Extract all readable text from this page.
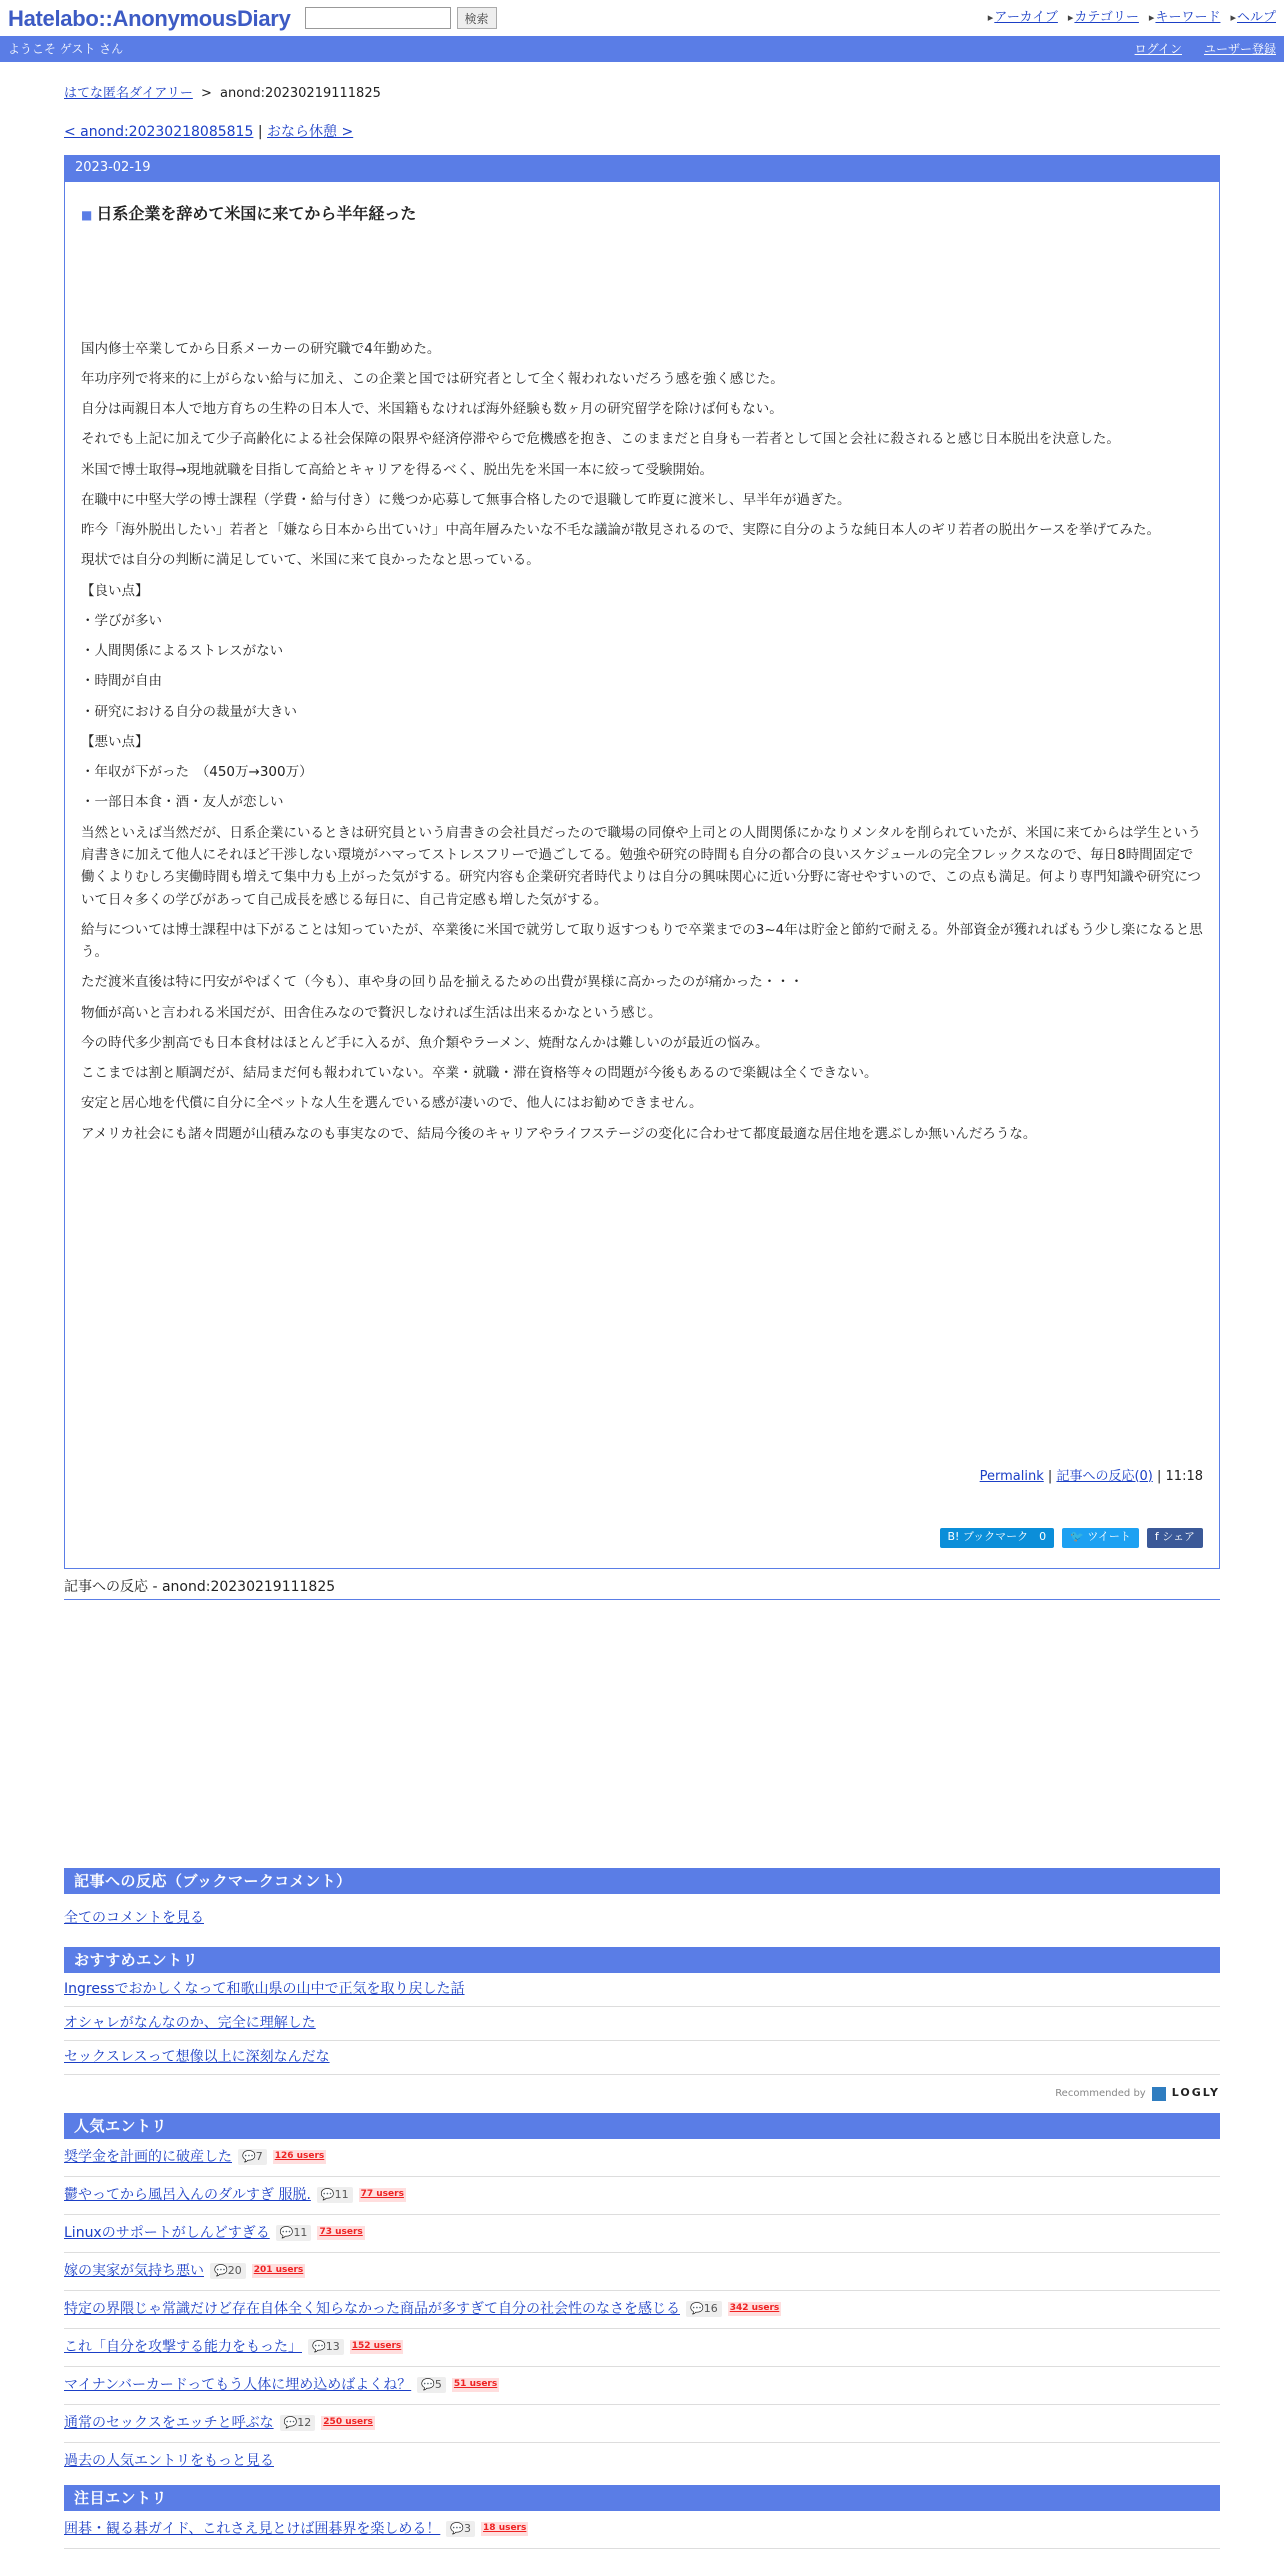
Hatelabo::AnonymousDiary	検索	▸ アーカイブ	▸ カテゴリー	▸ キーワード	▸ ヘルプ
ようこそ ゲスト さん	ログイン ユーザー登録
はてな匿名ダイアリー > anond:20230219111825
< anond:20230218085815 | おなら休憩 >
2023-02-19
■ 日系企業を辞めて米国に来てから半年経った

国内修士卒業してから日系メーカーの研究職で4年勤めた。

年功序列で将来的に上がらない給与に加え、この企業と国では研究者として全く報われないだろう感を強く感じた。

自分は両親日本人で地方育ちの生粋の日本人で、米国籍もなければ海外経験も数ヶ月の研究留学を除けば何もない。

それでも上記に加えて少子高齢化による社会保障の限界や経済停滞やらで危機感を抱き、このままだと自身も一若者として国と会社に殺されると感じ日本脱出を決意した。

米国で博士取得→現地就職を目指して高給とキャリアを得るべく、脱出先を米国一本に絞って受験開始。

在職中に中堅大学の博士課程（学費・給与付き）に幾つか応募して無事合格したので退職して昨夏に渡米し、早半年が過ぎた。

昨今「海外脱出したい」若者と「嫌なら日本から出ていけ」中高年層みたいな不毛な議論が散見されるので、実際に自分のような純日本人のギリ若者の脱出ケースを挙げてみた。

現状では自分の判断に満足していて、米国に来て良かったなと思っている。

【良い点】

・学びが多い

・人間関係によるストレスがない

・時間が自由

・研究における自分の裁量が大きい

【悪い点】

・年収が下がった　（450万→300万）

・一部日本食・酒・友人が恋しい

当然といえば当然だが、日系企業にいるときは研究員という肩書きの会社員だったので職場の同僚や上司との人間関係にかなりメンタルを削られていたが、米国に来てからは学生という肩書きに加えて他人にそれほど干渉しない環境がハマってストレスフリーで過ごしてる。勉強や研究の時間も自分の都合の良いスケジュールの完全フレックスなので、毎日8時間固定で働くよりむしろ実働時間も増えて集中力も上がった気がする。研究内容も企業研究者時代よりは自分の興味関心に近い分野に寄せやすいので、この点も満足。何より専門知識や研究について日々多くの学びがあって自己成長を感じる毎日に、自己肯定感も増した気がする。

給与については博士課程中は下がることは知っていたが、卒業後に米国で就労して取り返すつもりで卒業までの3~4年は貯金と節約で耐える。外部資金が獲れればもう少し楽になると思う。

ただ渡米直後は特に円安がやばくて（今も）、車や身の回り品を揃えるための出費が異様に高かったのが痛かった・・・

物価が高いと言われる米国だが、田舎住みなので贅沢しなければ生活は出来るかなという感じ。

今の時代多少割高でも日本食材はほとんど手に入るが、魚介類やラーメン、焼酎なんかは難しいのが最近の悩み。

ここまでは割と順調だが、結局まだ何も報われていない。卒業・就職・滞在資格等々の問題が今後もあるので楽観は全くできない。

安定と居心地を代償に自分に全ベットな人生を選んでいる感が凄いので、他人にはお勧めできません。

アメリカ社会にも諸々問題が山積みなのも事実なので、結局今後のキャリアやライフステージの変化に合わせて都度最適な居住地を選ぶしか無いんだろうな。

Permalink | 記事への反応(0) | 11:18
B! ブックマーク　0	🐦 ツイート	f シェア
記事への反応 - anond:20230219111825
記事への反応（ブックマークコメント）
全てのコメントを見る
おすすめエントリ
Ingressでおかしくなって和歌山県の山中で正気を取り戻した話
オシャレがなんなのか、完全に理解した
セックスレスって想像以上に深刻なんだな
Recommended by LOGLY
人気エントリ
奨学金を計画的に破産した 💬7	126 users
鬱やってから風呂入んのダルすぎ 服脱. 💬11	77 users
Linuxのサポートがしんどすぎる 💬11	73 users
嫁の実家が気持ち悪い 💬20	201 users
特定の界隈じゃ常識だけど存在自体全く知らなかった商品が多すぎて自分の社会性のなさを感じる 💬16	342 users
これ「自分を攻撃する能力をもった」 💬13	152 users
マイナンバーカードってもう人体に埋め込めばよくね？ 💬5	51 users
通常のセックスをエッチと呼ぶな 💬12	250 users
過去の人気エントリをもっと見る
注目エントリ
囲碁・観る碁ガイド、これさえ見とけば囲碁界を楽しめる！ 💬3	18 users
